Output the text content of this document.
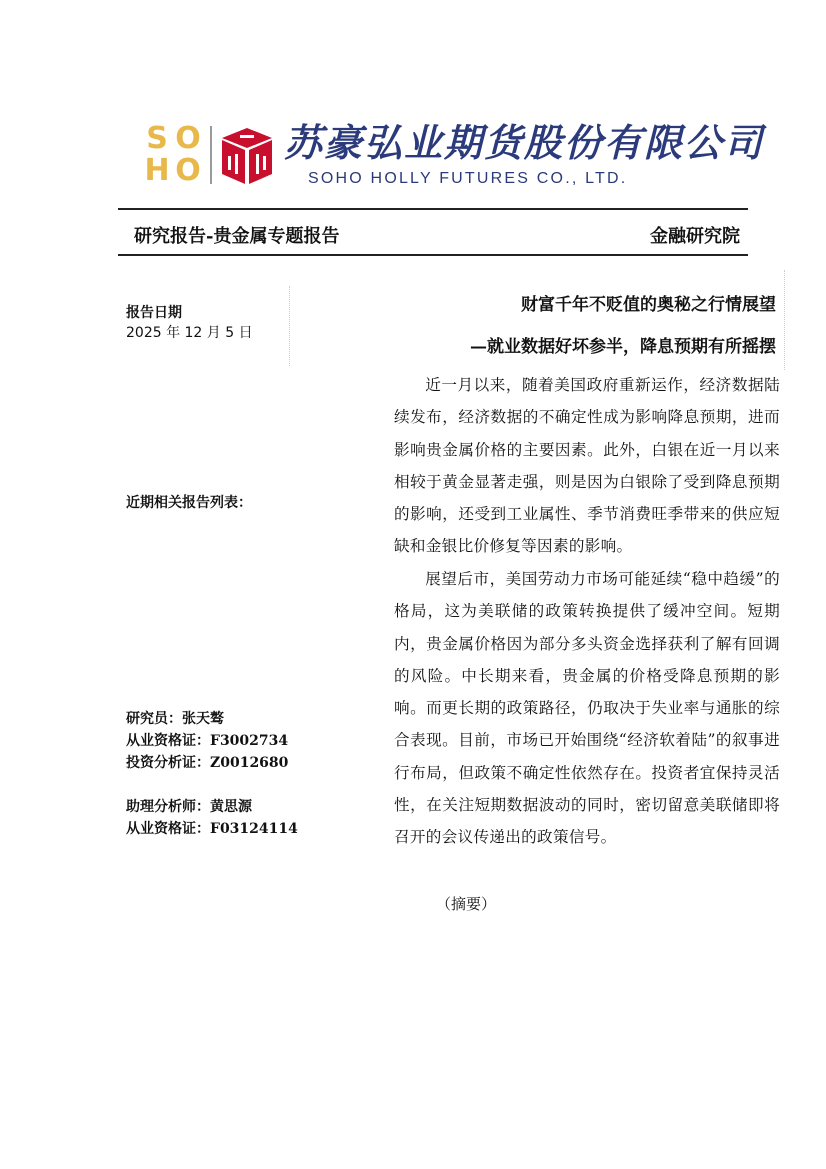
S O
H O
苏豪弘业期货股份有限公司
SOHO HOLLY FUTURES CO., LTD.
研究报告-贵金属专题报告	金融研究院
报告日期
2025 年 12 月 5 日
近期相关报告列表：
研究员：张天骜
从业资格证：F3002734
投资分析证：Z0012680
助理分析师：黄思源
从业资格证：F03124114
财富千年不贬值的奥秘之行情展望
—就业数据好坏参半，降息预期有所摇摆

近一月以来，随着美国政府重新运作，经济数据陆续发布，经济数据的不确定性成为影响降息预期，进而影响贵金属价格的主要因素。此外，白银在近一月以来相较于黄金显著走强，则是因为白银除了受到降息预期的影响，还受到工业属性、季节消费旺季带来的供应短缺和金银比价修复等因素的影响。

展望后市，美国劳动力市场可能延续“稳中趋缓”的格局，这为美联储的政策转换提供了缓冲空间。短期内，贵金属价格因为部分多头资金选择获利了解有回调的风险。中长期来看，贵金属的价格受降息预期的影响。而更长期的政策路径，仍取决于失业率与通胀的综合表现。目前，市场已开始围绕“经济软着陆”的叙事进行布局，但政策不确定性依然存在。投资者宜保持灵活性，在关注短期数据波动的同时，密切留意美联储即将召开的会议传递出的政策信号。

（摘要）
